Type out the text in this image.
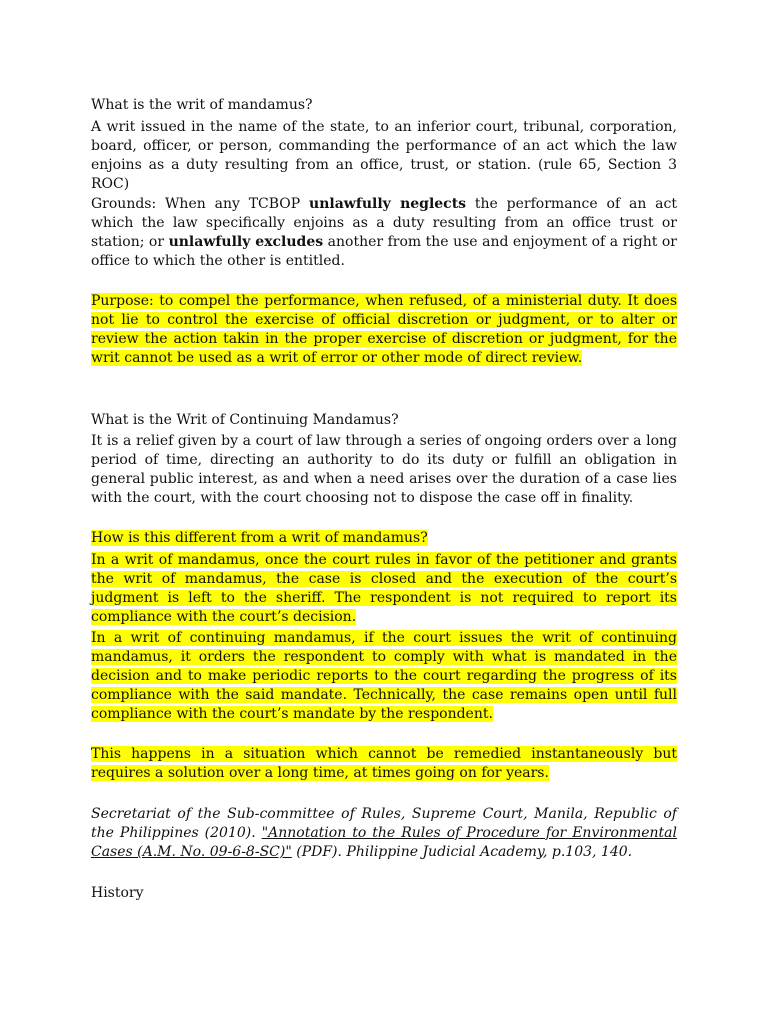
What is the writ of mandamus?

A writ issued in the name of the state, to an inferior court, tribunal, corporation, board, officer, or person, commanding the performance of an act which the law enjoins as a duty resulting from an office, trust, or station. (rule 65, Section 3 ROC)

Grounds: When any TCBOP unlawfully neglects the performance of an act which the law specifically enjoins as a duty resulting from an office trust or station; or unlawfully excludes another from the use and enjoyment of a right or office to which the other is entitled.

Purpose: to compel the performance, when refused, of a ministerial duty. It does not lie to control the exercise of official discretion or judgment, or to alter or review the action takin in the proper exercise of discretion or judgment, for the writ cannot be used as a writ of error or other mode of direct review.

What is the Writ of Continuing Mandamus?

It is a relief given by a court of law through a series of ongoing orders over a long period of time, directing an authority to do its duty or fulfill an obligation in general public interest, as and when a need arises over the duration of a case lies with the court, with the court choosing not to dispose the case off in finality.

How is this different from a writ of mandamus?

In a writ of mandamus, once the court rules in favor of the petitioner and grants the writ of mandamus, the case is closed and the execution of the court’s judgment is left to the sheriff. The respondent is not required to report its compliance with the court’s decision.

In a writ of continuing mandamus, if the court issues the writ of continuing mandamus, it orders the respondent to comply with what is mandated in the decision and to make periodic reports to the court regarding the progress of its compliance with the said mandate. Technically, the case remains open until full compliance with the court’s mandate by the respondent.

This happens in a situation which cannot be remedied instantaneously but requires a solution over a long time, at times going on for years.

Secretariat of the Sub-committee of Rules, Supreme Court, Manila, Republic of the Philippines (2010). "Annotation to the Rules of Procedure for Environmental Cases (A.M. No. 09-6-8-SC)" (PDF). Philippine Judicial Academy, p.103, 140.

History
